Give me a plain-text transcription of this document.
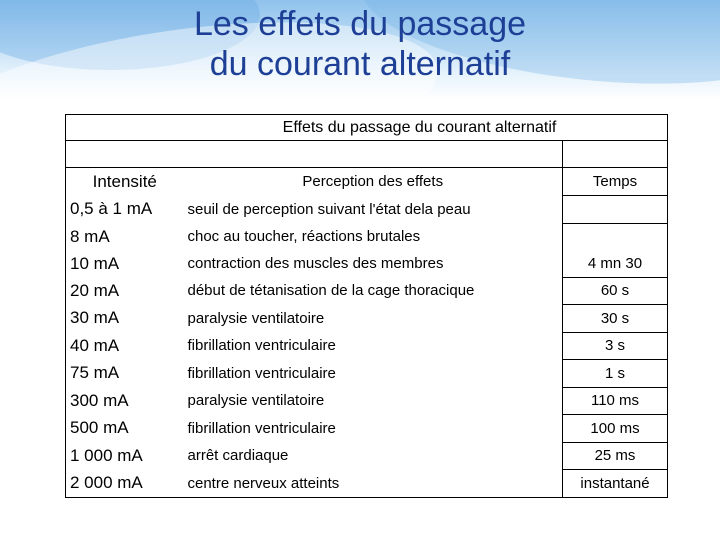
Les effets du passage
du courant alternatif
Effets du passage du courant alternatif		

Intensité	Perception des effets	Temps
0,5 à 1 mA	seuil de perception suivant l'état dela peau	
8 mA	choc au toucher, réactions brutales	
10 mA	contraction des muscles des membres	4 mn 30
20 mA	début de tétanisation de la cage thoracique	60 s
30 mA	paralysie ventilatoire	30 s
40 mA	fibrillation ventriculaire	3 s
75 mA	fibrillation ventriculaire	1 s
300 mA	paralysie ventilatoire	110 ms
500 mA	fibrillation ventriculaire	100 ms
1 000 mA	arrêt cardiaque	25 ms
2 000 mA	centre nerveux atteints	instantané
